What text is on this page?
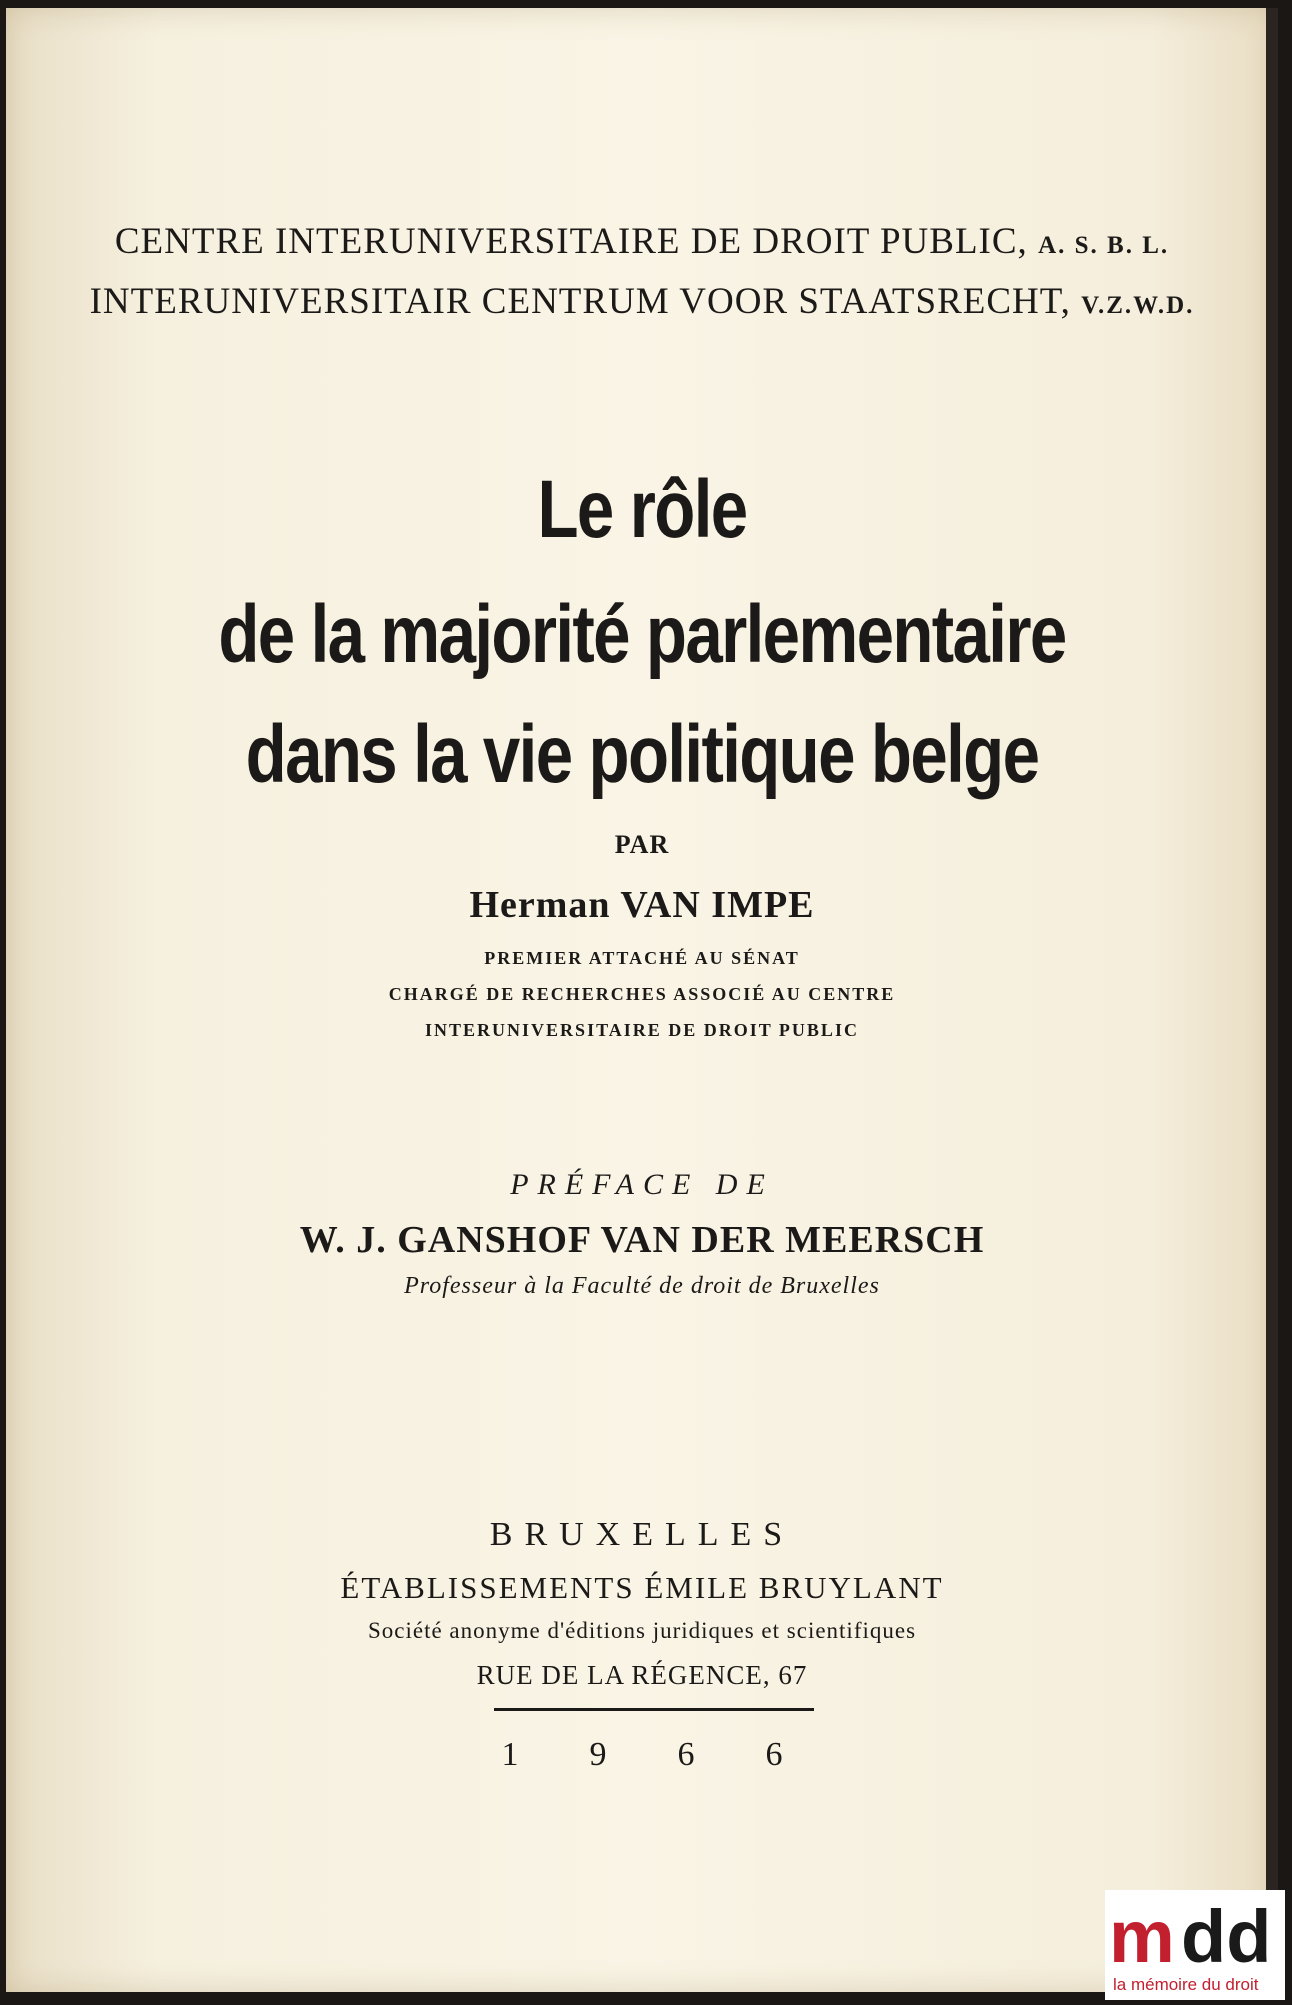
CENTRE INTERUNIVERSITAIRE DE DROIT PUBLIC, A. S. B. L.
INTERUNIVERSITAIR CENTRUM VOOR STAATSRECHT, V.Z.W.D.
Le rôle
de la majorité parlementaire
dans la vie politique belge
PAR
Herman VAN IMPE
PREMIER ATTACHÉ AU SÉNAT
CHARGÉ DE RECHERCHES ASSOCIÉ AU CENTRE
INTERUNIVERSITAIRE DE DROIT PUBLIC
PRÉFACE DE
W. J. GANSHOF VAN DER MEERSCH
Professeur à la Faculté de droit de Bruxelles
BRUXELLES
ÉTABLISSEMENTS ÉMILE BRUYLANT
Société anonyme d'éditions juridiques et scientifiques
RUE DE LA RÉGENCE, 67
1 9 6 6
m dd
la mémoire du droit
